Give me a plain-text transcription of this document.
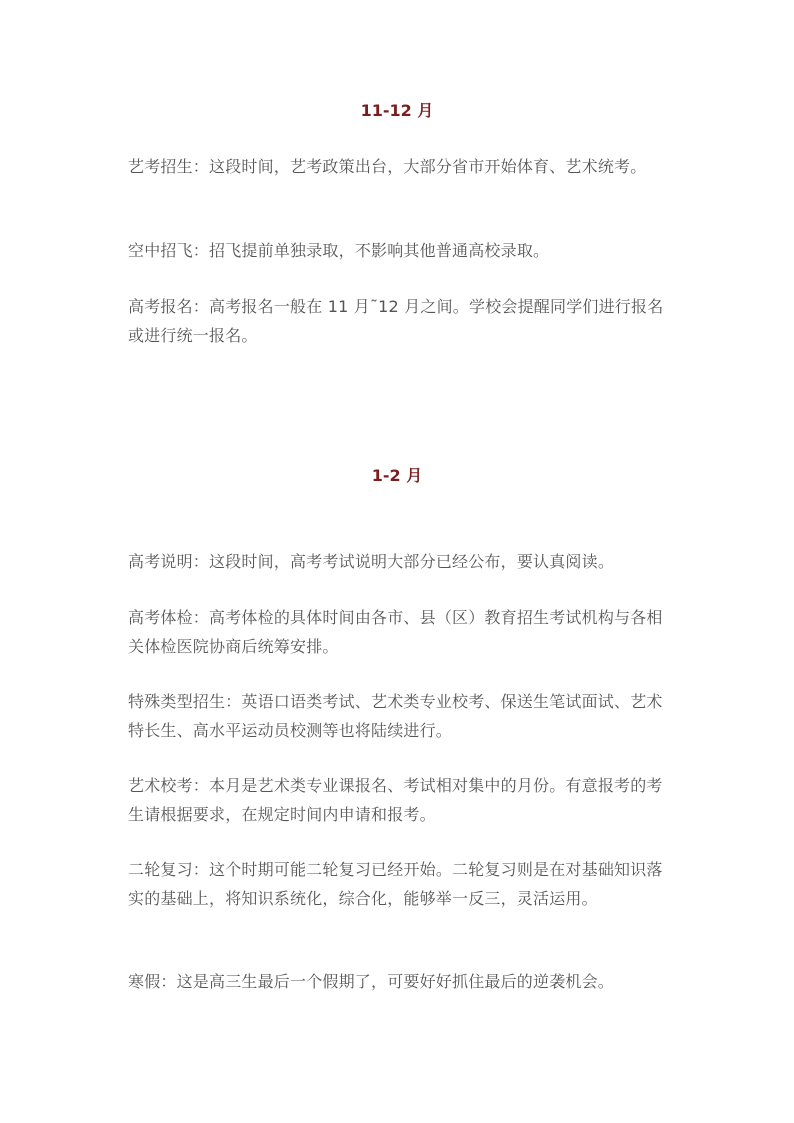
11-12 月
艺考招生：这段时间，艺考政策出台，大部分省市开始体育、艺术统考。
空中招飞：招飞提前单独录取，不影响其他普通高校录取。
高考报名：高考报名一般在 11 月˜12 月之间。学校会提醒同学们进行报名或进行统一报名。
1-2 月
高考说明：这段时间，高考考试说明大部分已经公布，要认真阅读。
高考体检：高考体检的具体时间由各市、县（区）教育招生考试机构与各相关体检医院协商后统筹安排。
特殊类型招生：英语口语类考试、艺术类专业校考、保送生笔试面试、艺术特长生、高水平运动员校测等也将陆续进行。
艺术校考：本月是艺术类专业课报名、考试相对集中的月份。有意报考的考生请根据要求，在规定时间内申请和报考。
二轮复习：这个时期可能二轮复习已经开始。二轮复习则是在对基础知识落实的基础上，将知识系统化，综合化，能够举一反三，灵活运用。
寒假：这是高三生最后一个假期了，可要好好抓住最后的逆袭机会。
